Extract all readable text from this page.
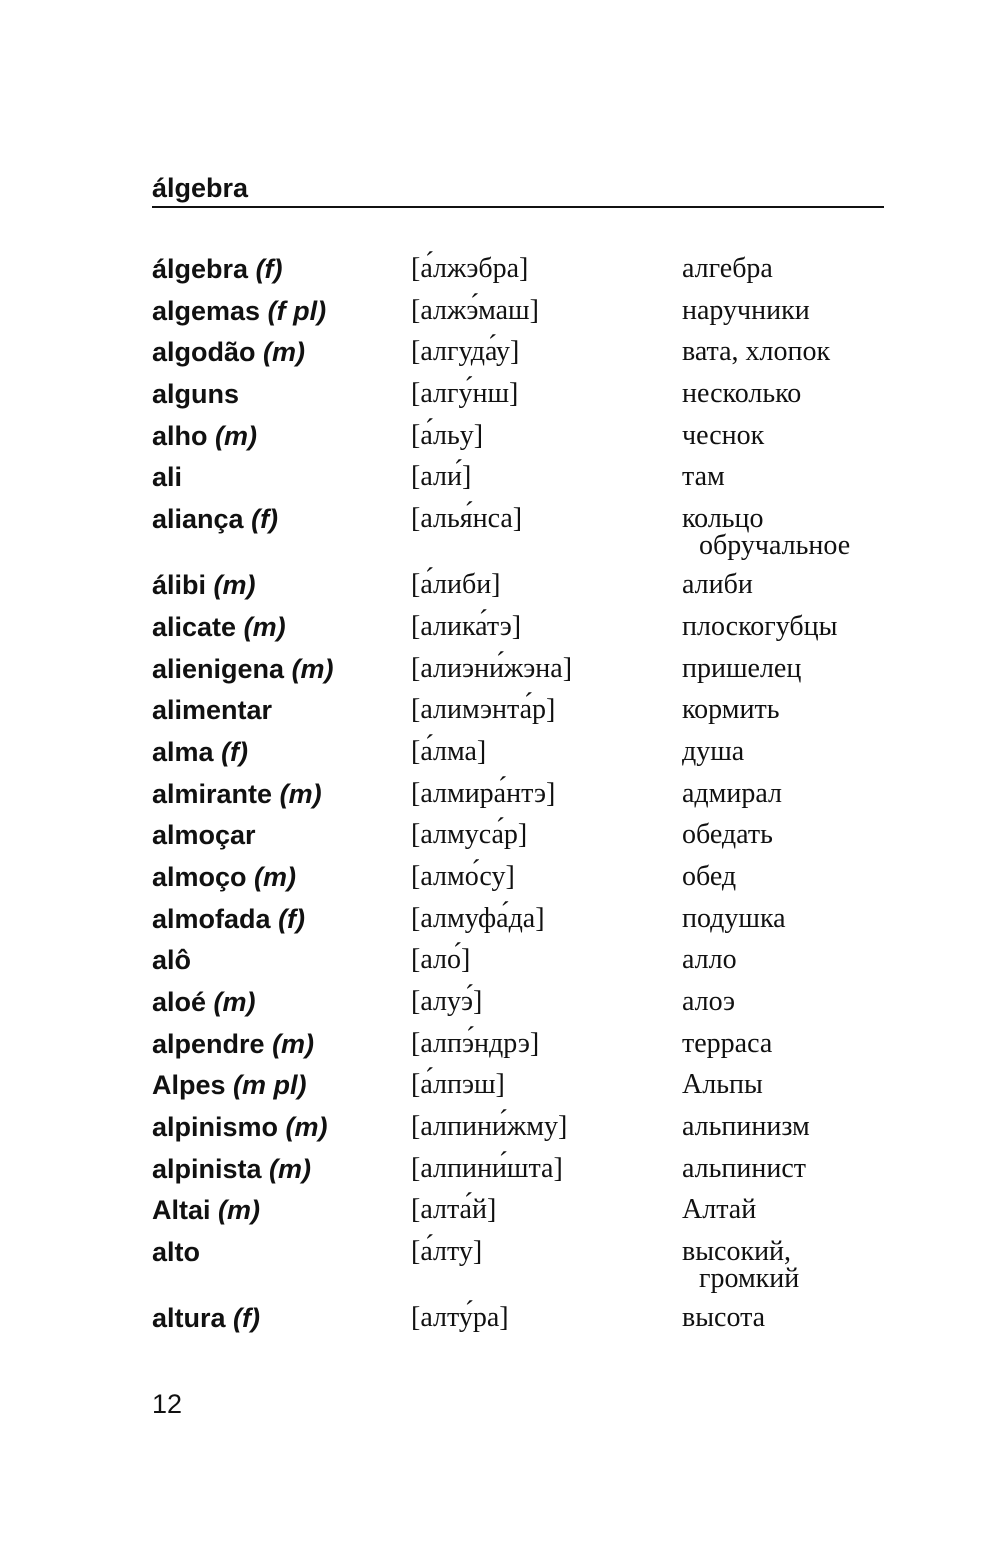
álgebra
álgebra (f)	[а́лжэбра]	алгебра
algemas (f pl)	[алжэ́маш]	наручники
algodão (m)	[алгуда́у]	вата, хлопок
alguns	[алгу́нш]	несколько
alho (m)	[а́льу]	чеснок
ali	[али́]	там
aliança (f)	[алья́нса]	кольцо
обручальное
álibi (m)	[а́либи]	алиби
alicate (m)	[алика́тэ]	плоскогубцы
alienigena (m)	[алиэни́жэна]	пришелец
alimentar	[алимэнта́р]	кормить
alma (f)	[а́лма]	душа
almirante (m)	[алмира́нтэ]	адмирал
almoçar	[алмуса́р]	обедать
almoço (m)	[алмо́су]	обед
almofada (f)	[алмуфа́да]	подушка
alô	[ало́]	алло
aloé (m)	[алуэ́]	алоэ
alpendre (m)	[алпэ́ндрэ]	терраса
Alpes (m pl)	[а́лпэш]	Альпы
alpinismo (m)	[алпини́жму]	альпинизм
alpinista (m)	[алпини́шта]	альпинист
Altai (m)	[алта́й]	Алтай
alto	[а́лту]	высокий,
громкий
altura (f)	[алту́ра]	высота
12
